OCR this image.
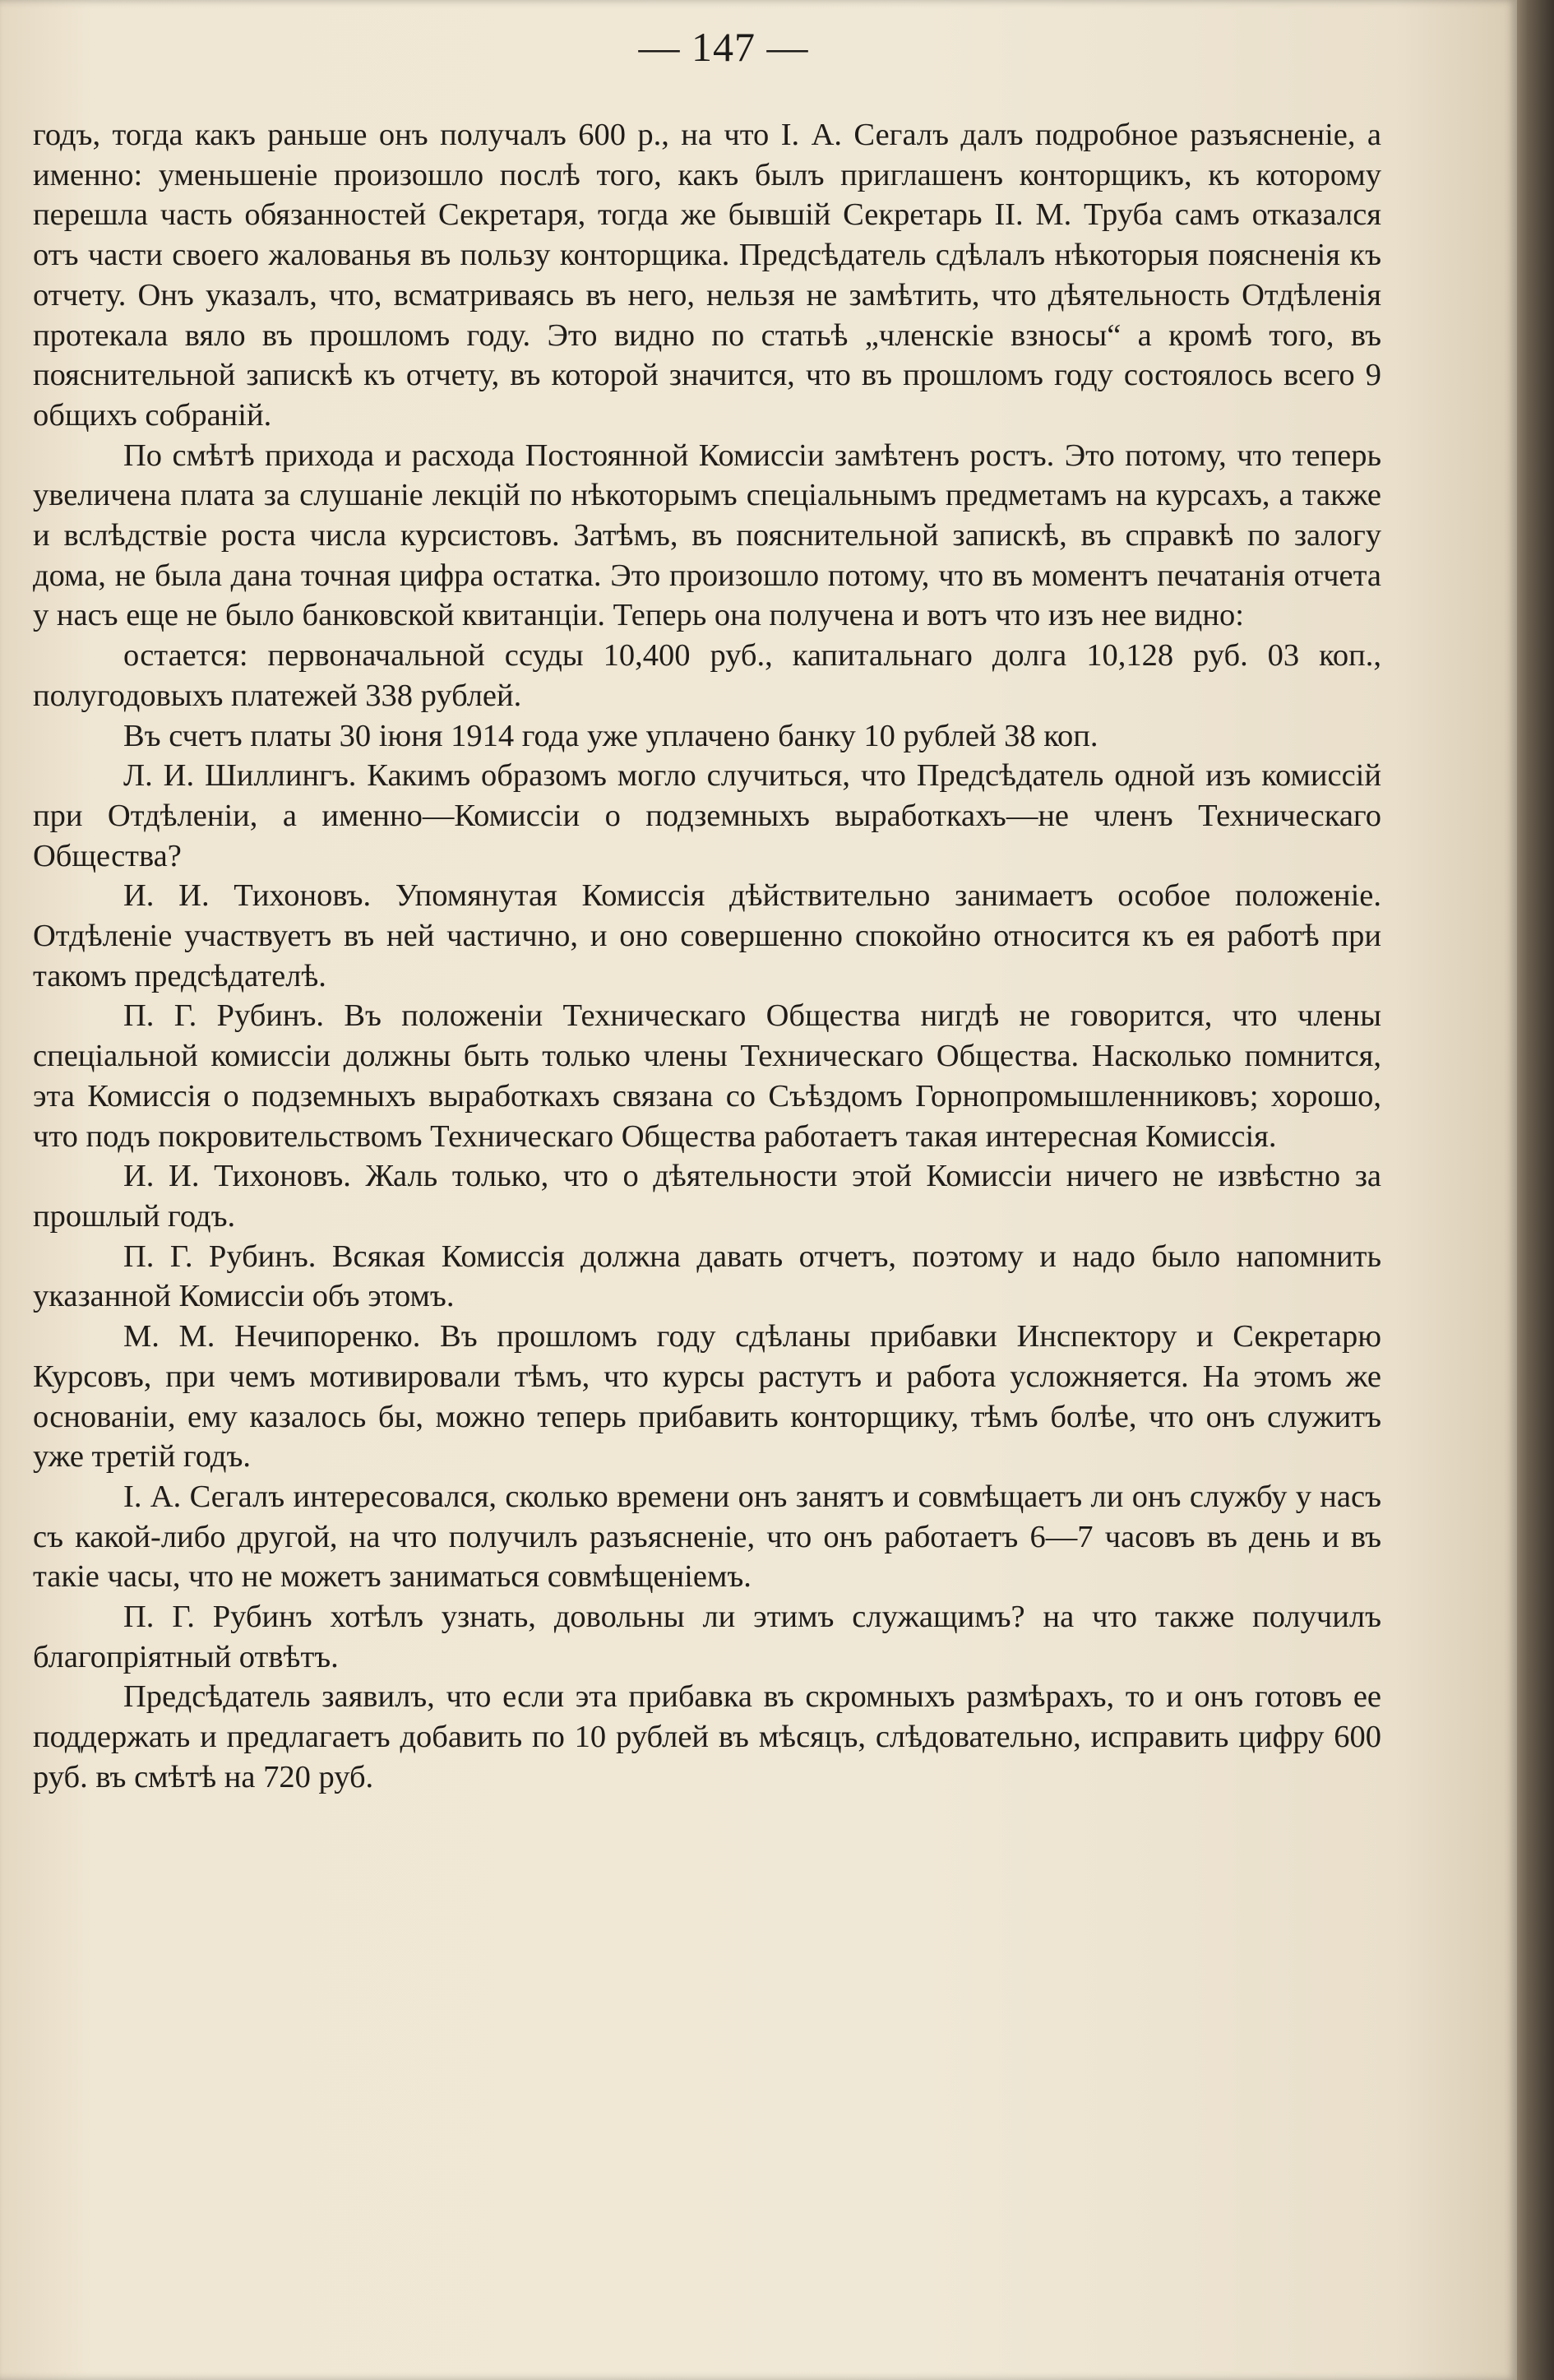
— 147 —

годъ, тогда какъ раньше онъ получалъ 600 р., на что I. А. Сегалъ далъ подробное разъясненіе, а именно: уменьшеніе произошло послѣ того, какъ былъ приглашенъ конторщикъ, къ которому перешла часть обязанностей Секретаря, тогда же бывшій Секретарь II. М. Труба самъ отказался отъ части своего жалованья въ пользу конторщика. Предсѣдатель сдѣлалъ нѣкоторыя поясненія къ отчету. Онъ указалъ, что, всматриваясь въ него, нельзя не замѣтить, что дѣятельность Отдѣленія протекала вяло въ прошломъ году. Это видно по статьѣ „членскіе взносы“ а кромѣ того, въ пояснительной запискѣ къ отчету, въ которой значится, что въ прошломъ году состоялось всего 9 общихъ собраній.

По смѣтѣ прихода и расхода Постоянной Комиссіи замѣтенъ ростъ. Это потому, что теперь увеличена плата за слушаніе лекцій по нѣкоторымъ спеціальнымъ предметамъ на курсахъ, а также и вслѣдствіе роста числа курсистовъ. Затѣмъ, въ пояснительной запискѣ, въ справкѣ по залогу дома, не была дана точная цифра остатка. Это произошло потому, что въ моментъ печатанія отчета у насъ еще не было банковской квитанціи. Теперь она получена и вотъ что изъ нее видно:

остается: первоначальной ссуды 10,400 руб., капитальнаго долга 10,128 руб. 03 коп., полугодовыхъ платежей 338 рублей.

Въ счетъ платы 30 іюня 1914 года уже уплачено банку 10 рублей 38 коп.

Л. И. Шиллингъ. Какимъ образомъ могло случиться, что Предсѣдатель одной изъ комиссій при Отдѣленіи, а именно—Комиссіи о подземныхъ выработкахъ—не членъ Техническаго Общества?

И. И. Тихоновъ. Упомянутая Комиссія дѣйствительно занимаетъ особое положеніе. Отдѣленіе участвуетъ въ ней частично, и оно совершенно спокойно относится къ ея работѣ при такомъ предсѣдателѣ.

П. Г. Рубинъ. Въ положеніи Техническаго Общества нигдѣ не говорится, что члены спеціальной комиссіи должны быть только члены Техническаго Общества. Насколько помнится, эта Комиссія о подземныхъ выработкахъ связана со Съѣздомъ Горнопромышленниковъ; хорошо, что подъ покровительствомъ Техническаго Общества работаетъ такая интересная Комиссія.

И. И. Тихоновъ. Жаль только, что о дѣятельности этой Комиссіи ничего не извѣстно за прошлый годъ.

П. Г. Рубинъ. Всякая Комиссія должна давать отчетъ, поэтому и надо было напомнить указанной Комиссіи объ этомъ.

М. М. Нечипоренко. Въ прошломъ году сдѣланы прибавки Инспектору и Секретарю Курсовъ, при чемъ мотивировали тѣмъ, что курсы растутъ и работа усложняется. На этомъ же основаніи, ему казалось бы, можно теперь прибавить конторщику, тѣмъ болѣе, что онъ служитъ уже третій годъ.

I. А. Сегалъ интересовался, сколько времени онъ занятъ и совмѣщаетъ ли онъ службу у насъ съ какой-либо другой, на что получилъ разъясненіе, что онъ работаетъ 6—7 часовъ въ день и въ такіе часы, что не можетъ заниматься совмѣщеніемъ.

П. Г. Рубинъ хотѣлъ узнать, довольны ли этимъ служащимъ? на что также получилъ благопріятный отвѣтъ.

Предсѣдатель заявилъ, что если эта прибавка въ скромныхъ размѣрахъ, то и онъ готовъ ее поддержать и предлагаетъ добавить по 10 рублей въ мѣсяцъ, слѣдовательно, исправить цифру 600 руб. въ смѣтѣ на 720 руб.
